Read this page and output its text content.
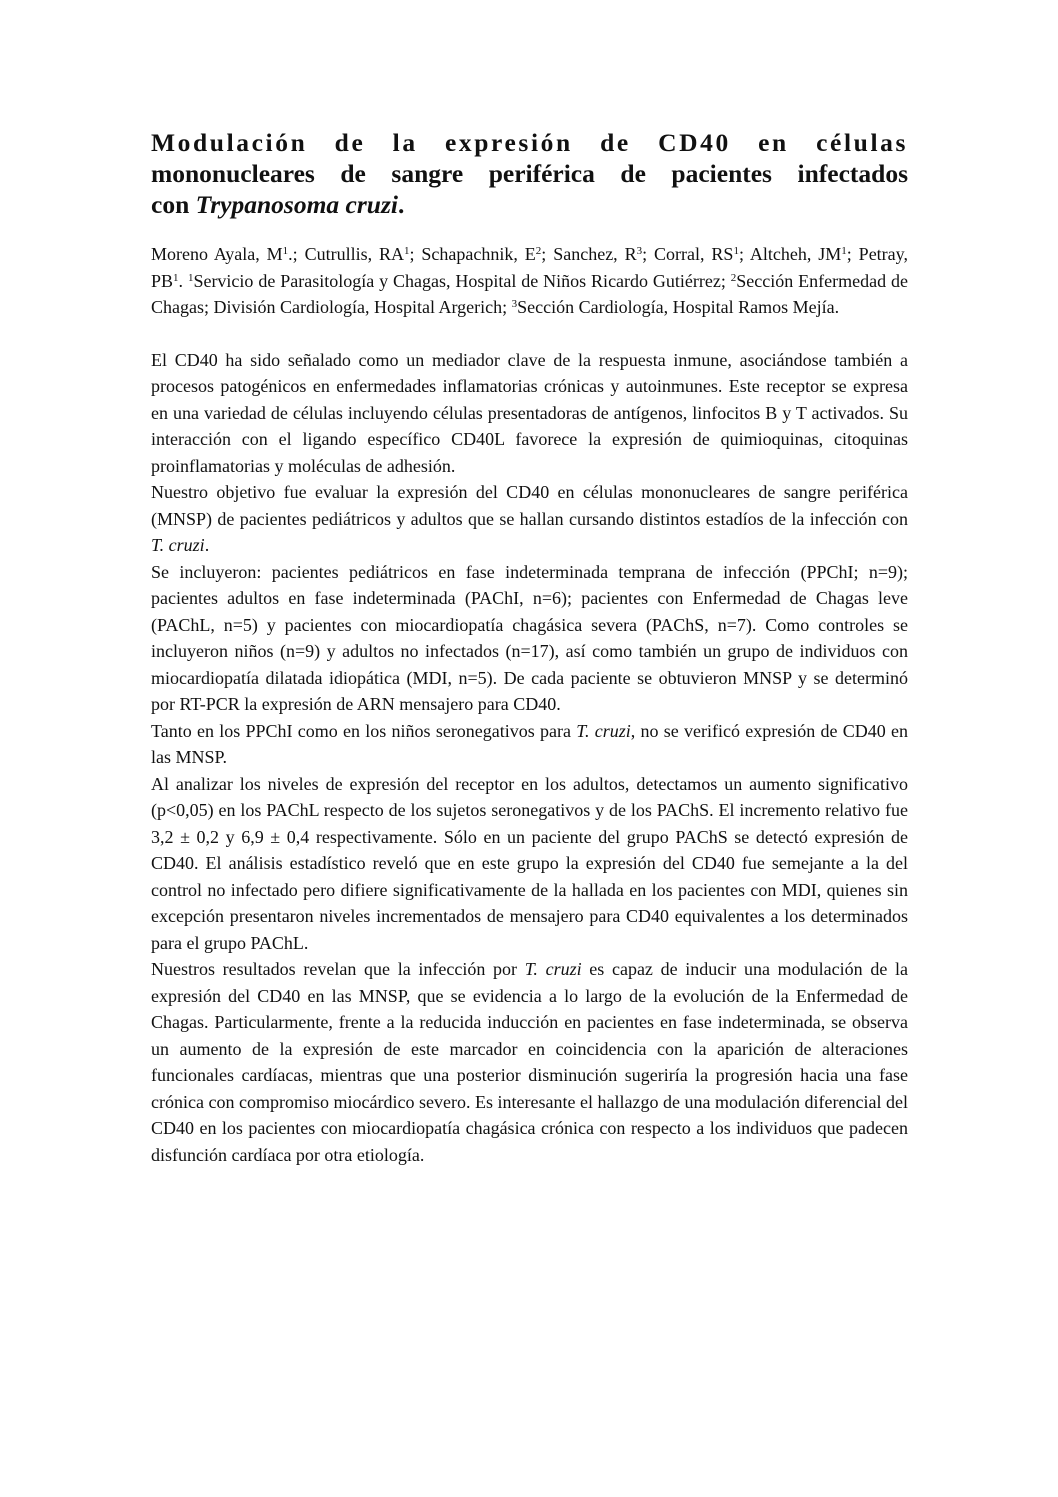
Modulación de la expresión de CD40 en células
mononucleares de sangre periférica de pacientes infectados
con Trypanosoma cruzi.

Moreno Ayala, $M^1$.; Cutrullis, $RA^1$; Schapachnik, $E^2$; Sanchez, $R^3$; Corral, $RS^1$; Altcheh, $JM^1$; Petray, $PB^1$. $^1$Servicio de Parasitología y Chagas, Hospital de Niños Ricardo Gutiérrez; $^2$Sección Enfermedad de Chagas; División Cardiología, Hospital Argerich; $^3$Sección Cardiología, Hospital Ramos Mejía.

El CD40 ha sido señalado como un mediador clave de la respuesta inmune, asociándose también a procesos patogénicos en enfermedades inflamatorias crónicas y autoinmunes. Este receptor se expresa en una variedad de células incluyendo células presentadoras de antígenos, linfocitos B y T activados. Su interacción con el ligando específico CD40L favorece la expresión de quimioquinas, citoquinas proinflamatorias y moléculas de adhesión.

Nuestro objetivo fue evaluar la expresión del CD40 en células mononucleares de sangre periférica (MNSP) de pacientes pediátricos y adultos que se hallan cursando distintos estadíos de la infección con T. cruzi.

Se incluyeron: pacientes pediátricos en fase indeterminada temprana de infección (PPChI; n=9); pacientes adultos en fase indeterminada (PAChI, n=6); pacientes con Enfermedad de Chagas leve (PAChL, n=5) y pacientes con miocardiopatía chagásica severa (PAChS, n=7). Como controles se incluyeron niños (n=9) y adultos no infectados (n=17), así como también un grupo de individuos con miocardiopatía dilatada idiopática (MDI, n=5). De cada paciente se obtuvieron MNSP y se determinó por RT-PCR la expresión de ARN mensajero para CD40.

Tanto en los PPChI como en los niños seronegativos para T. cruzi, no se verificó expresión de CD40 en las MNSP.

Al analizar los niveles de expresión del receptor en los adultos, detectamos un aumento significativo (p<0,05) en los PAChL respecto de los sujetos seronegativos y de los PAChS. El incremento relativo fue 3,2 ± 0,2 y 6,9 ± 0,4 respectivamente. Sólo en un paciente del grupo PAChS se detectó expresión de CD40. El análisis estadístico reveló que en este grupo la expresión del CD40 fue semejante a la del control no infectado pero difiere significativamente de la hallada en los pacientes con MDI, quienes sin excepción presentaron niveles incrementados de mensajero para CD40 equivalentes a los determinados para el grupo PAChL.

Nuestros resultados revelan que la infección por T. cruzi es capaz de inducir una modulación de la expresión del CD40 en las MNSP, que se evidencia a lo largo de la evolución de la Enfermedad de Chagas. Particularmente, frente a la reducida inducción en pacientes en fase indeterminada, se observa un aumento de la expresión de este marcador en coincidencia con la aparición de alteraciones funcionales cardíacas, mientras que una posterior disminución sugeriría la progresión hacia una fase crónica con compromiso miocárdico severo. Es interesante el hallazgo de una modulación diferencial del CD40 en los pacientes con miocardiopatía chagásica crónica con respecto a los individuos que padecen disfunción cardíaca por otra etiología.
